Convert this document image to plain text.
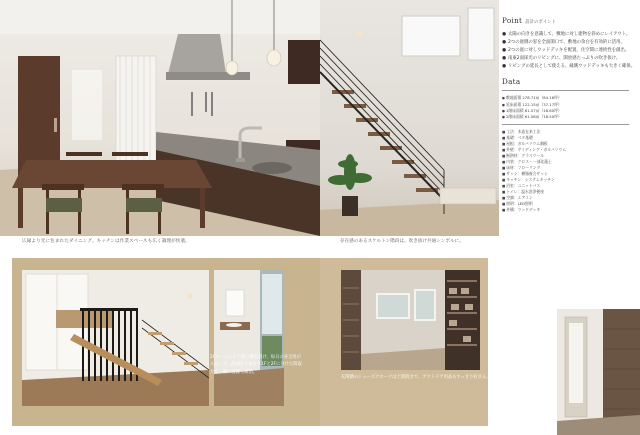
広縁より光に包まれたダイニング。キッチンは作業スペースも広く調理が快適。	存在感のあるスケルトン階段は、吹き抜け共通シンボルに。
Point 設計のポイント
● 太陽の向きを意識して、敷地に対し建物を斜めにレイアウト。
● 2つの庭側の窓を全面開口で、敷地の余白を有効的に活用。
● 2つの庭に対しウッドデッキを配置、住空間に連続性を創出。
● 南東2面採光のリビングに、開放感たっぷりの吹き抜け。
● リビングの延長として使える、縁側ウッドデッキも大きく確保。
Data
● 敷地面積 278.71㎡（84.16坪）
● 延床面積 122.15㎡（37.17坪）
● 1階床面積 61.07㎡（18.60坪）
● 2階床面積 61.08㎡（18.50坪）
■ 工法：木造在来工法
■ 基礎：ベタ基礎
■ 屋根：ガルバリウム鋼板
■ 外壁：サイディング・ガルバリウム
■ 断熱材：グラスウール
■ 内装：クロス・一部珪藻土
■ 床材：フローリング
■ サッシ：樹脂複合サッシ
■ キッチン：システムキッチン
■ 浴室：ユニットバス
■ トイレ：温水洗浄便座
■ 空調：エアコン
■ 照明：LED照明
■ 外構：ウッドデッキ
2Fホールにも手洗い場を設け、毎日の身支度がスムーズ。洗面室をあえて1Fと2Fに分けた間取りで、朝の混雑も解消。
玄関横のシューズクロークは土間続きで、アウトドア用品もすっきり収まる。
